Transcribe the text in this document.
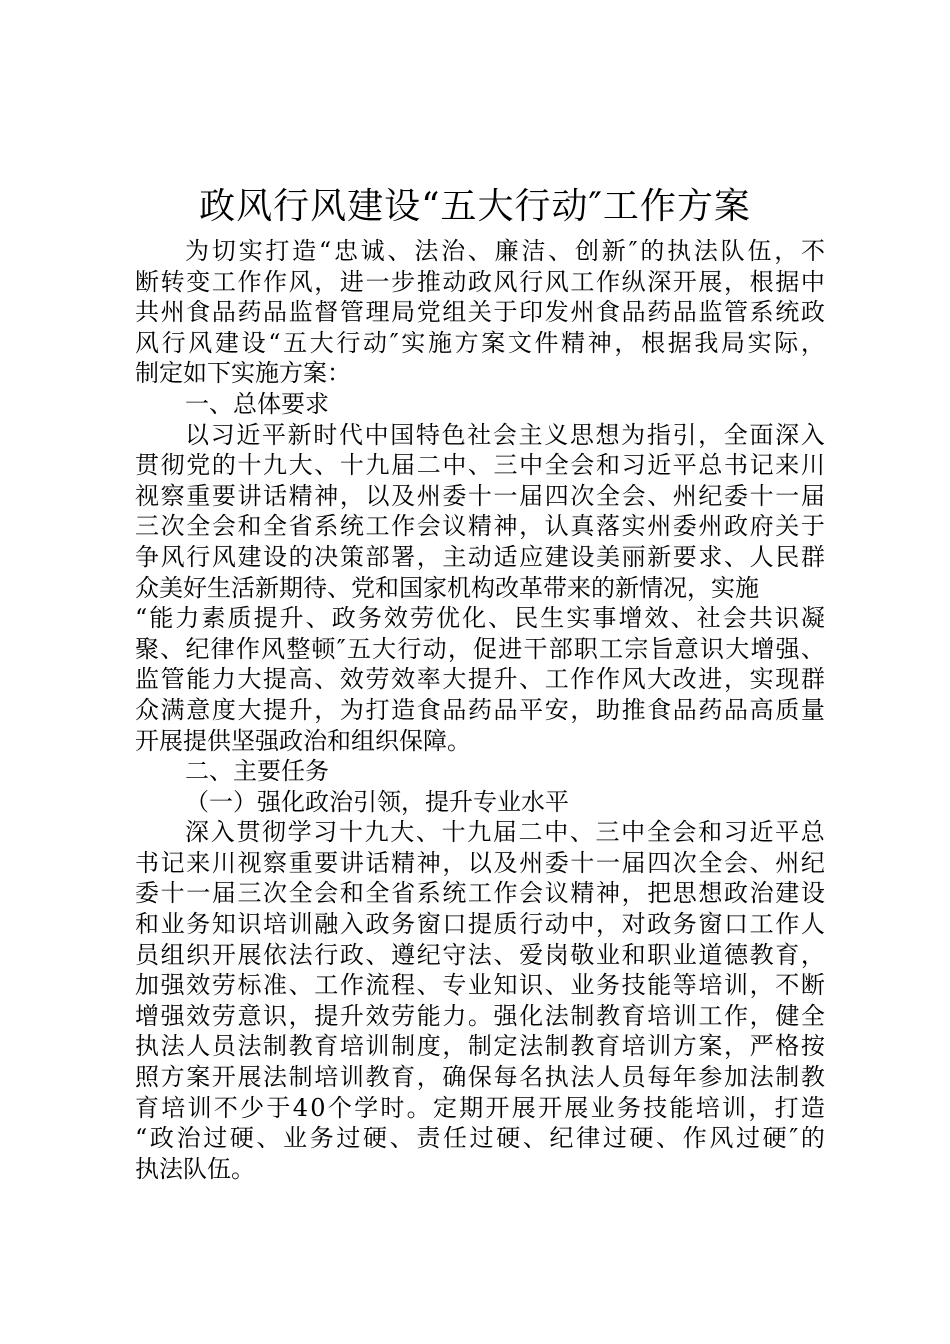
政风行风建设“五大行动″工作方案
为 切 实 打 造 “ 忠 诚 、 法 治 、 廉 洁 、 创 新 ″ 的 执 法 队 伍 ， 不
断 转 变 工 作 作 风 ， 进 一 步 推 动 政 风 行 风 工 作 纵 深 开 展 ， 根 据 中
共 州 食 品 药 品 监 督 管 理 局 党 组 关 于 印 发 州 食 品 药 品 监 管 系 统 政
风 行 风 建 设 “ 五 大 行 动 ″ 实 施 方 案 文 件 精 神 ， 根 据 我 局 实 际 ，
制定如下实施方案：
一、总体要求
以 习 近 平 新 时 代 中 国 特 色 社 会 主 义 思 想 为 指 引 ， 全 面 深 入
贯 彻 党 的 十 九 大 、 十 九 届 二 中 、 三 中 全 会 和 习 近 平 总 书 记 来 川
视 察 重 要 讲 话 精 神 ， 以 及 州 委 十 一 届 四 次 全 会 、 州 纪 委 十 一 届
三 次 全 会 和 全 省 系 统 工 作 会 议 精 神 ， 认 真 落 实 州 委 州 政 府 关 于
争 风 行 风 建 设 的 决 策 部 署 ， 主 动 适 应 建 设 美 丽 新 要 求 、 人 民 群
众美好生活新期待、党和国家机构改革带来的新情况，实施
“ 能 力 素 质 提 升 、 政 务 效 劳 优 化 、 民 生 实 事 增 效 、 社 会 共 识 凝
聚 、 纪 律 作 风 整 顿 ″ 五 大 行 动 ， 促 进 干 部 职 工 宗 旨 意 识 大 增 强 、
监 管 能 力 大 提 高 、 效 劳 效 率 大 提 升 、 工 作 作 风 大 改 进 ， 实 现 群
众 满 意 度 大 提 升 ， 为 打 造 食 品 药 品 平 安 ， 助 推 食 品 药 品 高 质 量
开展提供坚强政治和组织保障。
二、主要任务
（一）强化政治引领，提升专业水平
深 入 贯 彻 学 习 十 九 大 、 十 九 届 二 中 、 三 中 全 会 和 习 近 平 总
书 记 来 川 视 察 重 要 讲 话 精 神 ， 以 及 州 委 十 一 届 四 次 全 会 、 州 纪
委 十 一 届 三 次 全 会 和 全 省 系 统 工 作 会 议 精 神 ， 把 思 想 政 治 建 设
和 业 务 知 识 培 训 融 入 政 务 窗 口 提 质 行 动 中 ， 对 政 务 窗 口 工 作 人
员 组 织 开 展 依 法 行 政 、 遵 纪 守 法 、 爱 岗 敬 业 和 职 业 道 德 教 育 ，
加 强 效 劳 标 准 、 工 作 流 程 、 专 业 知 识 、 业 务 技 能 等 培 训 ， 不 断
增 强 效 劳 意 识 ， 提 升 效 劳 能 力 。 强 化 法 制 教 育 培 训 工 作 ， 健 全
执 法 人 员 法 制 教 育 培 训 制 度 ， 制 定 法 制 教 育 培 训 方 案 ， 严 格 按
照 方 案 开 展 法 制 培 训 教 育 ， 确 保 每 名 执 法 人 员 每 年 参 加 法 制 教
育 培 训 不 少 于 4 0 个 学 时 。 定 期 开 展 开 展 业 务 技 能 培 训 ， 打 造
“ 政 治 过 硬 、 业 务 过 硬 、 责 任 过 硬 、 纪 律 过 硬 、 作 风 过 硬 ″ 的
执法队伍。
